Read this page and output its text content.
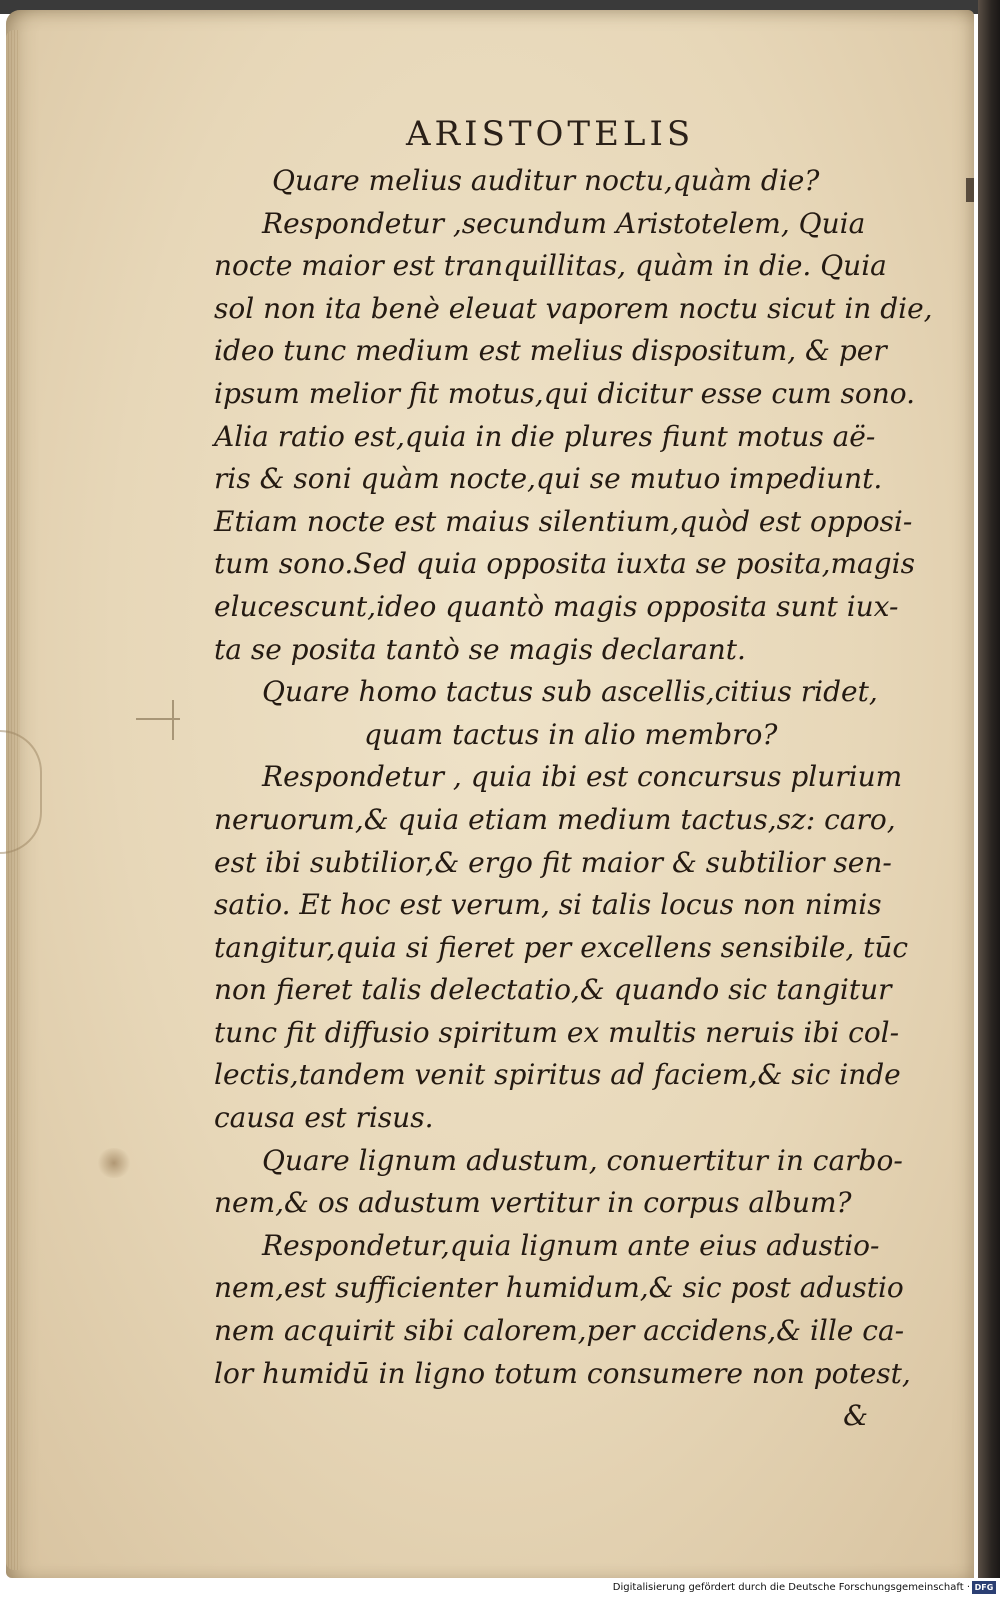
ARISTOTELIS
Quare melius auditur noctu,quàm die?
Respondetur ,secundum Aristotelem, Quia
nocte maior est tranquillitas, quàm in die. Quia
sol non ita benè eleuat vaporem noctu sicut in die,
ideo tunc medium est melius dispositum, & per
ipsum melior fit motus,qui dicitur esse cum sono.
Alia ratio est,quia in die plures fiunt motus aë-
ris & soni quàm nocte,qui se mutuo impediunt.
Etiam nocte est maius silentium,quòd est opposi-
tum sono.Sed quia opposita iuxta se posita,magis
elucescunt,ideo quantò magis opposita sunt iux-
ta se posita tantò se magis declarant.
Quare homo tactus sub ascellis,citius ridet,
quam tactus in alio membro?
Respondetur , quia ibi est concursus plurium
neruorum,& quia etiam medium tactus,sz: caro,
est ibi subtilior,& ergo fit maior & subtilior sen-
satio. Et hoc est verum, si talis locus non nimis
tangitur,quia si fieret per excellens sensibile, tūc
non fieret talis delectatio,& quando sic tangitur
tunc fit diffusio spiritum ex multis neruis ibi col-
lectis,tandem venit spiritus ad faciem,& sic inde
causa est risus.
Quare lignum adustum, conuertitur in carbo-
nem,& os adustum vertitur in corpus album?
Respondetur,quia lignum ante eius adustio-
nem,est sufficienter humidum,& sic post adustio
nem acquirit sibi calorem,per accidens,& ille ca-
lor humidū in ligno totum consumere non potest,
&
Digitalisierung gefördert durch die Deutsche Forschungsgemeinschaft · DFG
